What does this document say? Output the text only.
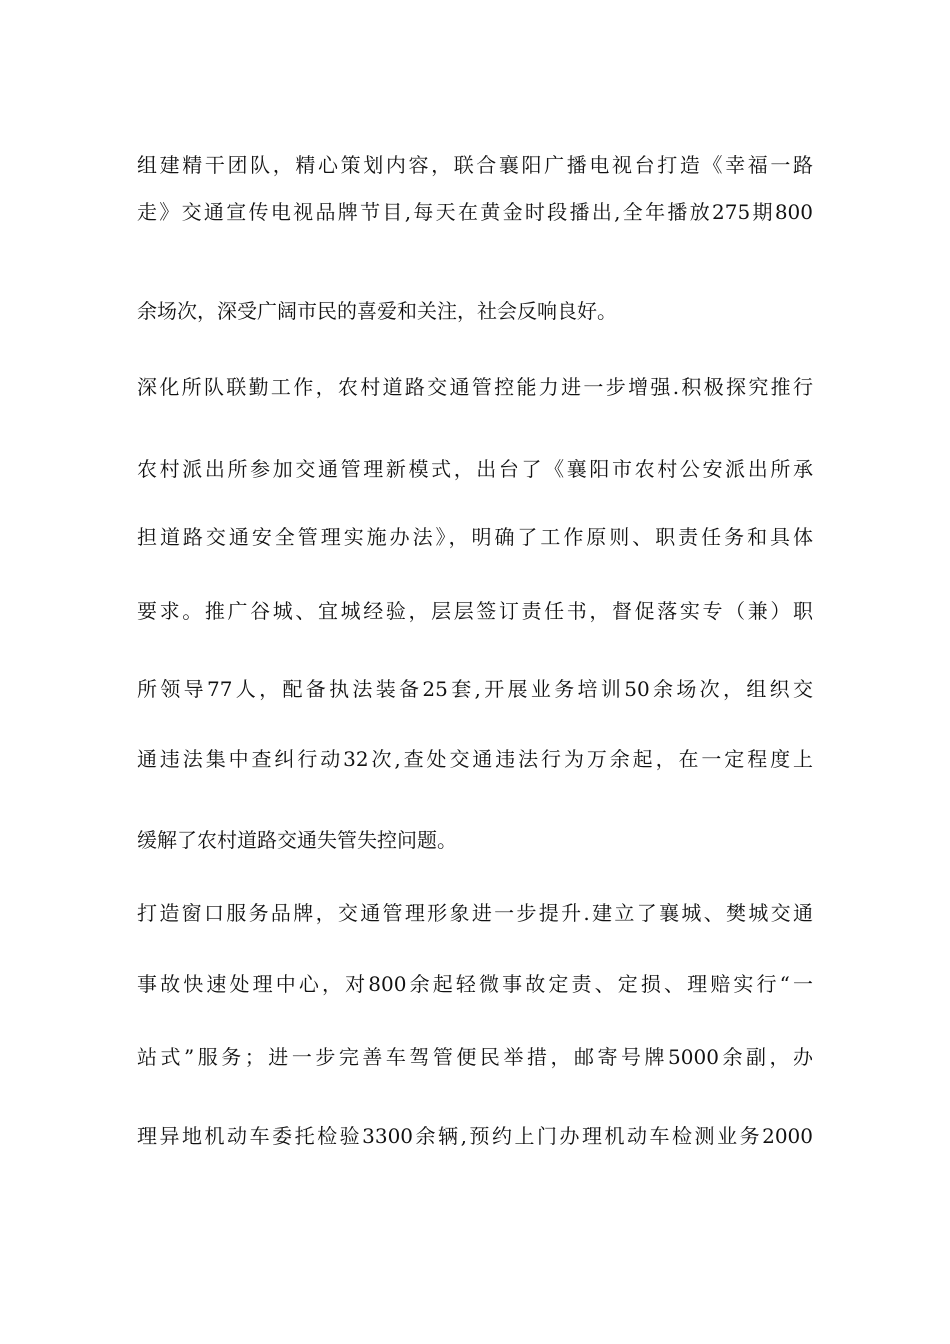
组建精干团队，精心策划内容，联合襄阳广播电视台打造《幸福一路
走》交通宣传电视品牌节目,每天在黄金时段播出,全年播放275期800
余场次，深受广阔市民的喜爱和关注，社会反响良好。
深化所队联勤工作，农村道路交通管控能力进一步增强.积极探究推行
农村派出所参加交通管理新模式，出台了《襄阳市农村公安派出所承
担道路交通安全管理实施办法》，明确了工作原则、职责任务和具体
要求。推广谷城、宜城经验，层层签订责任书，督促落实专（兼）职
所领导77人，配备执法装备25套,开展业务培训50余场次，组织交
通违法集中查纠行动32次,查处交通违法行为万余起，在一定程度上
缓解了农村道路交通失管失控问题。
打造窗口服务品牌，交通管理形象进一步提升.建立了襄城、樊城交通
事故快速处理中心，对800余起轻微事故定责、定损、理赔实行“一
站式”服务；进一步完善车驾管便民举措，邮寄号牌5000余副，办
理异地机动车委托检验3300余辆,预约上门办理机动车检测业务2000
